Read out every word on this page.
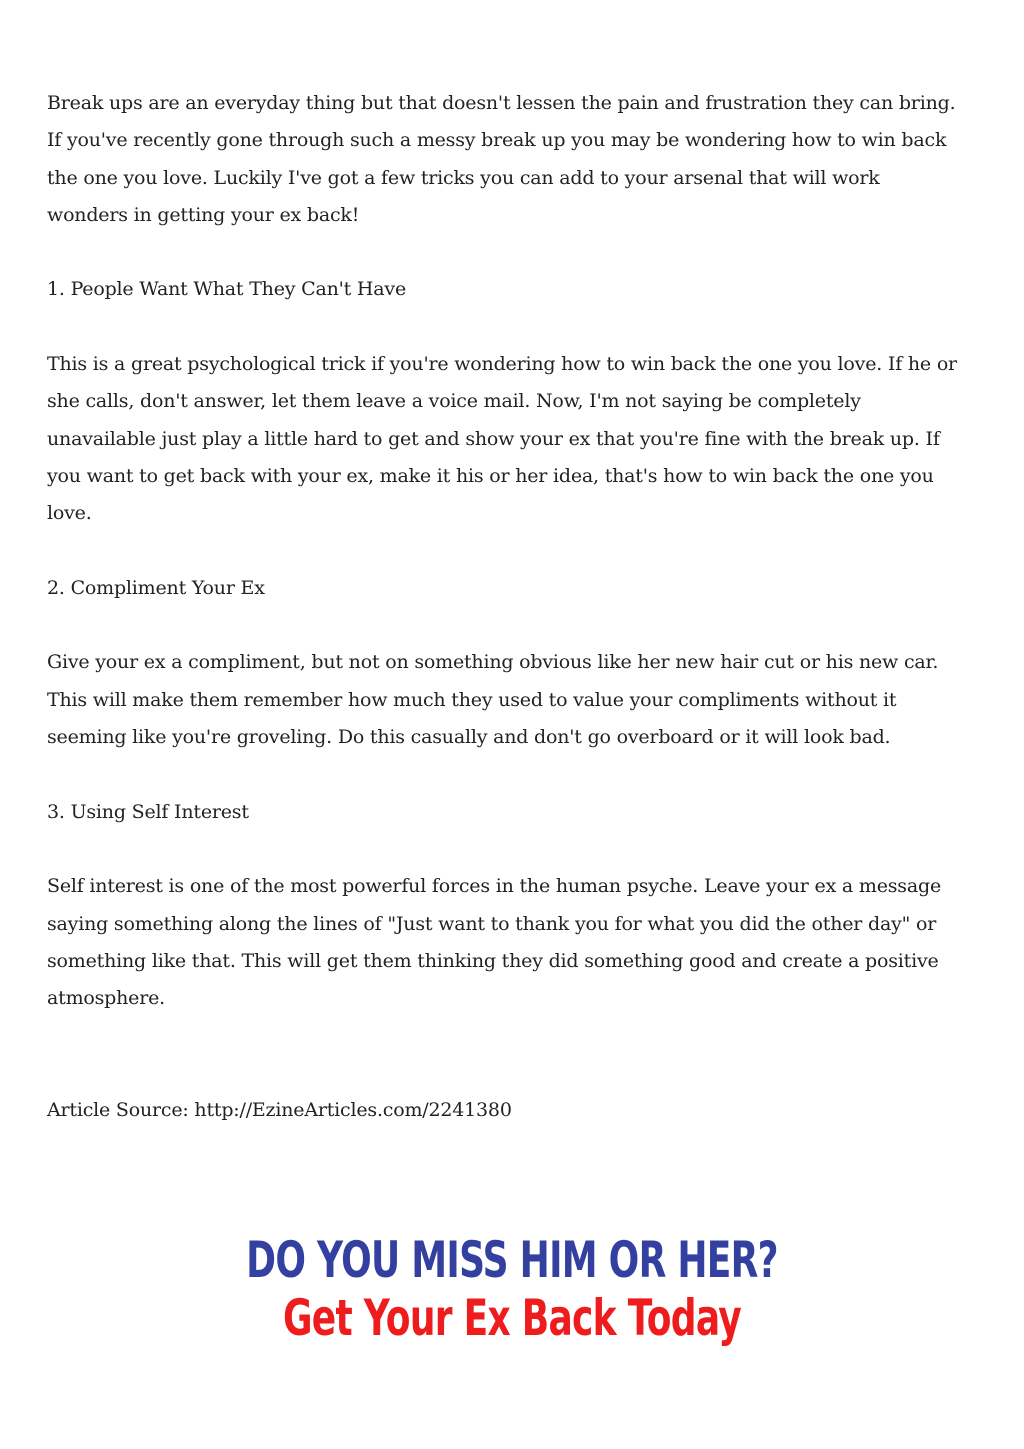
Break ups are an everyday thing but that doesn't lessen the pain and frustration they can bring. If you've recently gone through such a messy break up you may be wondering how to win back the one you love. Luckily I've got a few tricks you can add to your arsenal that will work wonders in getting your ex back!

1. People Want What They Can't Have

This is a great psychological trick if you're wondering how to win back the one you love. If he or she calls, don't answer, let them leave a voice mail. Now, I'm not saying be completely unavailable just play a little hard to get and show your ex that you're fine with the break up. If you want to get back with your ex, make it his or her idea, that's how to win back the one you love.

2. Compliment Your Ex

Give your ex a compliment, but not on something obvious like her new hair cut or his new car. This will make them remember how much they used to value your compliments without it seeming like you're groveling. Do this casually and don't go overboard or it will look bad.

3. Using Self Interest

Self interest is one of the most powerful forces in the human psyche. Leave your ex a message saying something along the lines of "Just want to thank you for what you did the other day" or something like that. This will get them thinking they did something good and create a positive atmosphere.

Article Source: http://EzineArticles.com/2241380

DO YOU MISS HIM OR HER?
Get Your Ex Back Today
